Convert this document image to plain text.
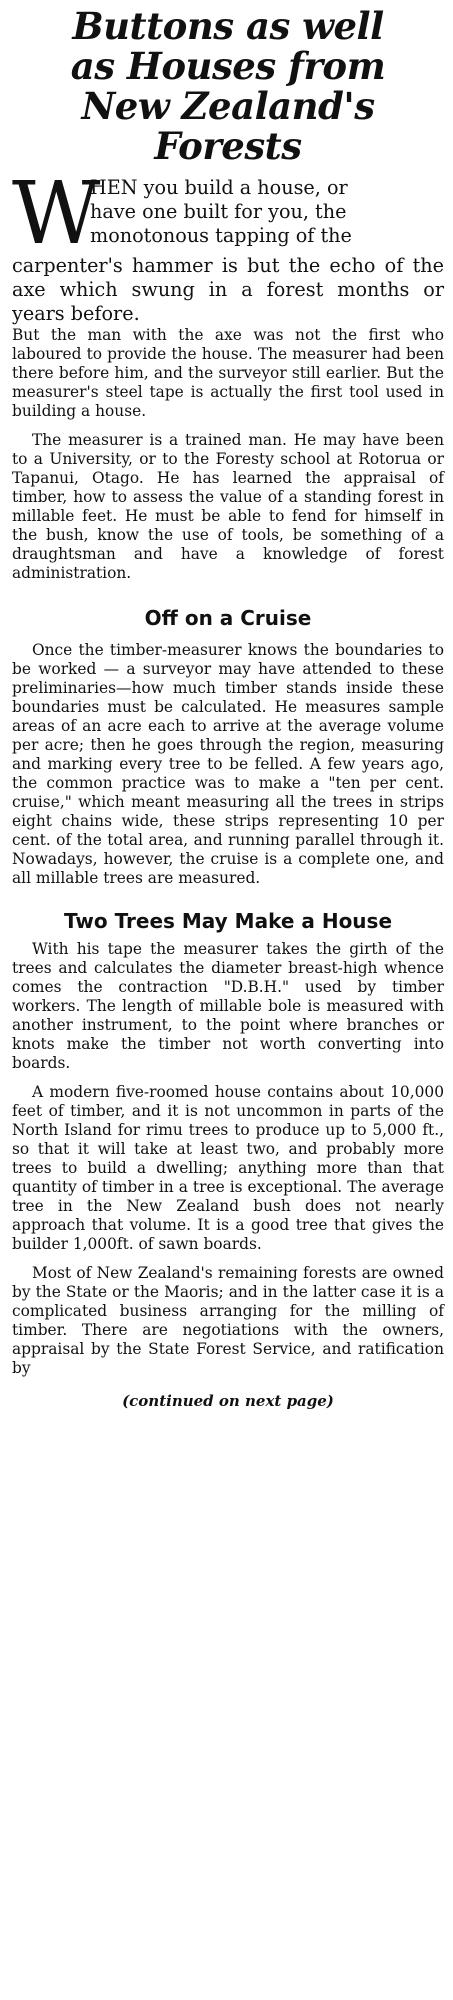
Buttons as well
as Houses from
New Zealand's
Forests
W
HEN you build a house, or
have one built for you, the
monotonous tapping of the
carpenter's hammer is but the echo of the axe which swung in a forest months or years before.

But the man with the axe was not the first who laboured to provide the house. The measurer had been there before him, and the surveyor still earlier. But the measurer's steel tape is actually the first tool used in building a house.

The measurer is a trained man. He may have been to a University, or to the Foresty school at Rotorua or Tapanui, Otago. He has learned the appraisal of timber, how to assess the value of a standing forest in millable feet. He must be able to fend for himself in the bush, know the use of tools, be something of a draughtsman and have a knowledge of forest administration.

Off on a Cruise

Once the timber-measurer knows the boundaries to be worked — a surveyor may have attended to these preliminaries—how much timber stands inside these boundaries must be calculated. He measures sample areas of an acre each to arrive at the average volume per acre; then he goes through the region, measuring and marking every tree to be felled. A few years ago, the common practice was to make a "ten per cent. cruise," which meant measuring all the trees in strips eight chains wide, these strips representing 10 per cent. of the total area, and running parallel through it. Nowadays, however, the cruise is a complete one, and all millable trees are measured.

Two Trees May Make a House

With his tape the measurer takes the girth of the trees and calculates the diameter breast-high whence comes the contraction "D.B.H." used by timber workers. The length of millable bole is measured with another instrument, to the point where branches or knots make the timber not worth converting into boards.

A modern five-roomed house contains about 10,000 feet of timber, and it is not uncommon in parts of the North Island for rimu trees to produce up to 5,000 ft., so that it will take at least two, and probably more trees to build a dwelling; anything more than that quantity of timber in a tree is exceptional. The average tree in the New Zealand bush does not nearly approach that volume. It is a good tree that gives the builder 1,000ft. of sawn boards.

Most of New Zealand's remaining forests are owned by the State or the Maoris; and in the latter case it is a complicated business arranging for the milling of timber. There are negotiations with the owners, appraisal by the State Forest Service, and ratification by

(continued on next page)
